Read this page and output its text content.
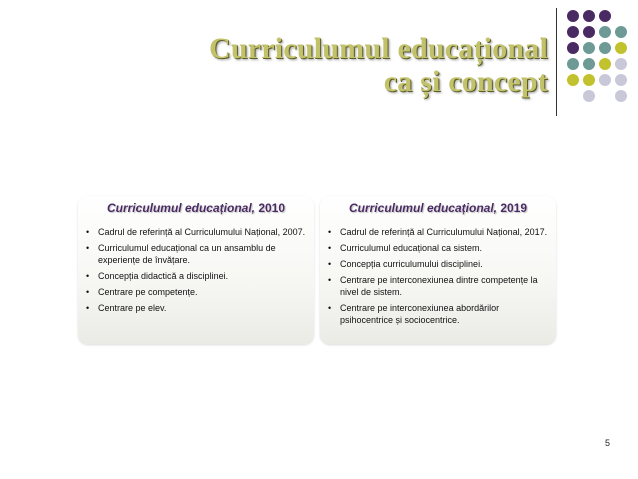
Curriculumul educațional
ca și concept
Curriculumul educațional, 2010
• Cadrul de referință al Curriculumului Național, 2007.
• Curriculumul educațional ca un ansamblu de experiențe de învățare.
• Concepția didactică a disciplinei.
• Centrare pe competențe.
• Centrare pe elev.
Curriculumul educațional, 2019
• Cadrul de referință al Curriculumului Național, 2017.
• Curriculumul educațional ca sistem.
• Concepția curriculumului disciplinei.
• Centrare pe interconexiunea dintre competențe la nivel de sistem.
• Centrare pe interconexiunea abordărilor psihocentrice și sociocentrice.
5
